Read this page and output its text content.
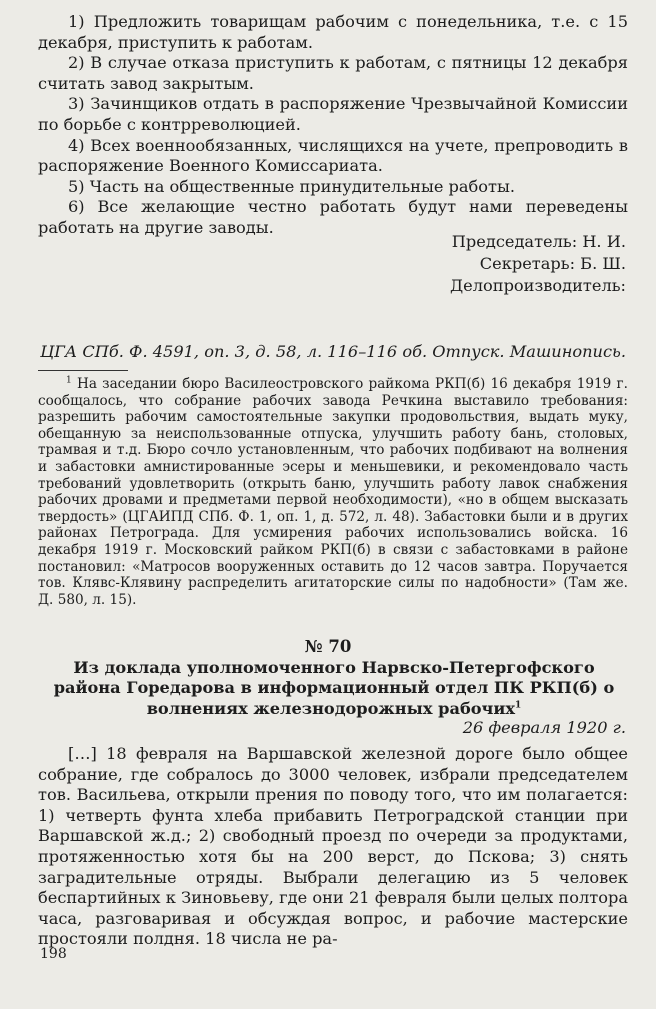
1) Предложить товарищам рабочим с понедельника, т.е. с 15 декабря, приступить к работам.

2) В случае отказа приступить к работам, с пятницы 12 декабря считать завод закрытым.

3) Зачинщиков отдать в распоряжение Чрезвычайной Комиссии по борьбе с контрреволюцией.

4) Всех военнообязанных, числящихся на учете, препроводить в распоряжение Военного Комиссариата.

5) Часть на общественные принудительные работы.

6) Все желающие честно работать будут нами переведены работать на другие заводы.

Председатель: Н. И.
Секретарь: Б. Ш.
Делопроизводитель:
ЦГА СПб. Ф. 4591, оп. 3, д. 58, л. 116–116 об. Отпуск. Машинопись.

$^1$ На заседании бюро Василеостровского райкома РКП(б) 16 декабря 1919 г. сообщалось, что собрание рабочих завода Речкина выставило требования: разрешить рабочим самостоятельные закупки продовольствия, выдать муку, обещанную за неиспользованные отпуска, улучшить работу бань, столовых, трамвая и т.д. Бюро сочло установленным, что рабочих подбивают на волнения и забастовки амнистированные эсеры и меньшевики, и рекомендовало часть требований удовлетворить (открыть баню, улучшить работу лавок снабжения рабочих дровами и предметами первой необходимости), «но в общем высказать твердость» (ЦГАИПД СПб. Ф. 1, оп. 1, д. 572, л. 48). Забастовки были и в других районах Петрограда. Для усмирения рабочих использовались войска. 16 декабря 1919 г. Московский райком РКП(б) в связи с забастовками в районе постановил: «Матросов вооруженных оставить до 12 часов завтра. Поручается тов. Клявс-Клявину распределить агитаторские силы по надобности» (Там же. Д. 580, л. 15).

№ 70

Из доклада уполномоченного Нарвско-Петергофского района Горедарова в информационный отдел ПК РКП(б) о волнениях железнодорожных рабочих$^1$

26 февраля 1920 г.

[…] 18 февраля на Варшавской железной дороге было общее собрание, где собралось до 3000 человек, избрали председателем тов. Васильева, открыли прения по поводу того, что им полагается: 1) четверть фунта хлеба прибавить Петроградской станции при Варшавской ж.д.; 2) свободный проезд по очереди за продуктами, протяженностью хотя бы на 200 верст, до Пскова; 3) снять заградительные отряды. Выбрали делегацию из 5 человек беспартийных к Зиновьеву, где они 21 февраля были целых полтора часа, разговаривая и обсуждая вопрос, и рабочие мастерские простояли полдня. 18 числа не ра-

198
